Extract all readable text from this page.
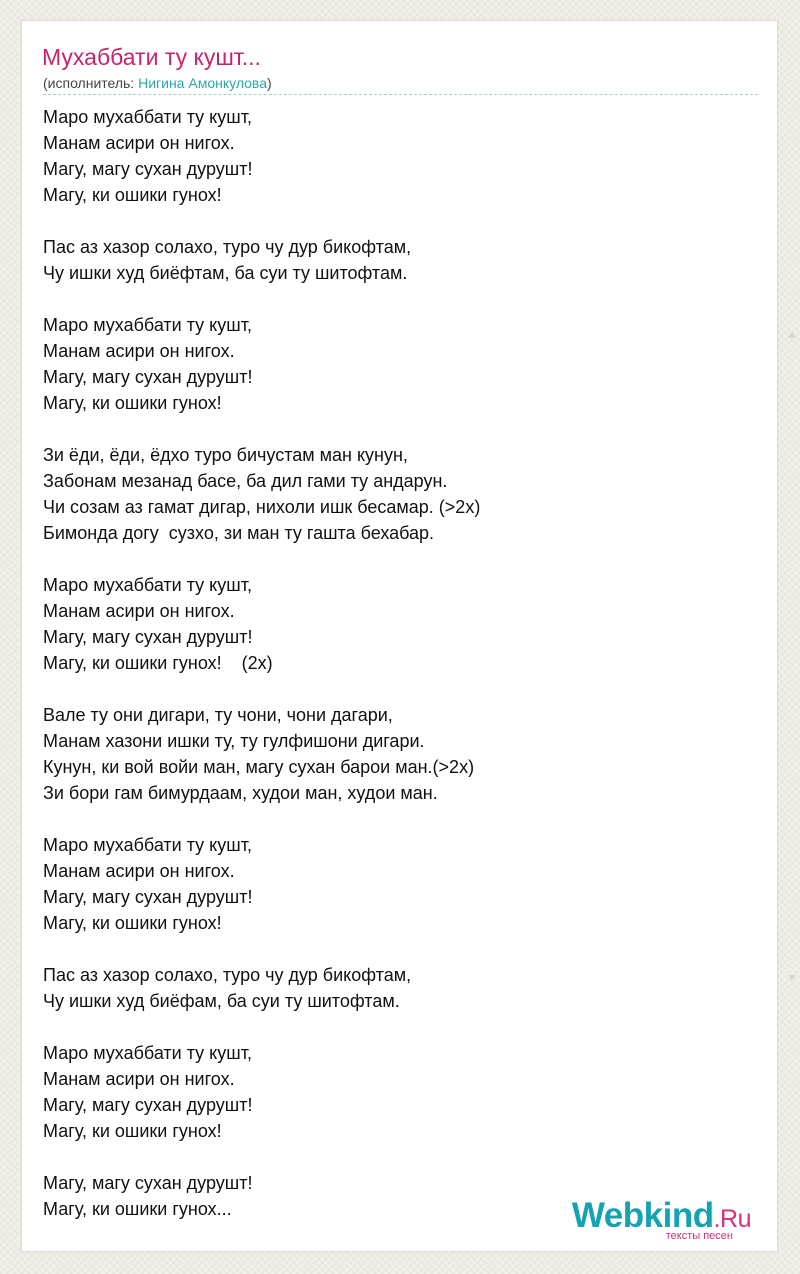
Мухаббати ту кушт...
(исполнитель: Нигина Амонкулова)
Маро мухаббати ту кушт,
Манам асири он нигох.
Магу, магу сухан дурушт!
Магу, ки ошики гунох!
Пас аз хазор солахо, туро чу дур бикофтам,
Чу ишки худ биёфтам, ба суи ту шитофтам.
Маро мухаббати ту кушт,
Манам асири он нигох.
Магу, магу сухан дурушт!
Магу, ки ошики гунох!
Зи ёди, ёди, ёдхо туро бичустам ман кунун,
Забонам мезанад басе, ба дил гами ту андарун.
Чи созам аз гамат дигар, нихоли ишк бесамар. (>2x)
Бимонда догу  сузхо, зи ман ту гашта бехабар.
Маро мухаббати ту кушт,
Манам асири он нигох.
Магу, магу сухан дурушт!
Магу, ки ошики гунох!    (2x)
Вале ту они дигари, ту чони, чони дагари,
Манам хазони ишки ту, ту гулфишони дигари.
Кунун, ки вой войи ман, магу сухан барои ман.(>2x)
Зи бори гам бимурдаам, худои ман, худои ман.
Маро мухаббати ту кушт,
Манам асири он нигох.
Магу, магу сухан дурушт!
Магу, ки ошики гунох!
Пас аз хазор солахо, туро чу дур бикофтам,
Чу ишки худ биёфам, ба суи ту шитофтам.
Маро мухаббати ту кушт,
Манам асири он нигох.
Магу, магу сухан дурушт!
Магу, ки ошики гунох!
Магу, магу сухан дурушт!
Магу, ки ошики гунох...	Webkind.Ru
тексты песен
